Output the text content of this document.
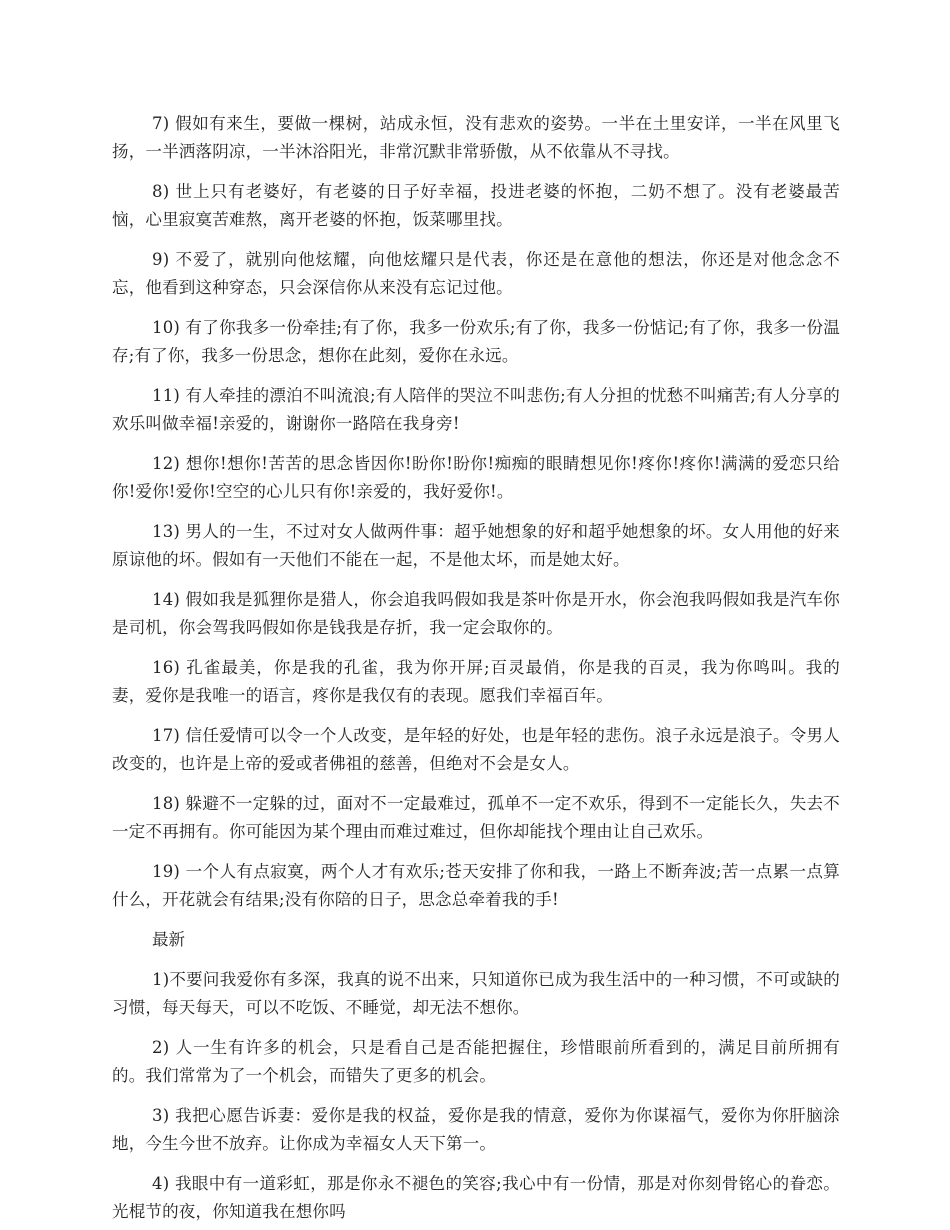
7) 假如有来生，要做一棵树，站成永恒，没有悲欢的姿势。一半在土里安详，一半在风里飞扬，一半洒落阴凉，一半沐浴阳光，非常沉默非常骄傲，从不依靠从不寻找。

8) 世上只有老婆好，有老婆的日子好幸福，投进老婆的怀抱，二奶不想了。没有老婆最苦恼，心里寂寞苦难熬，离开老婆的怀抱，饭菜哪里找。

9) 不爱了，就别向他炫耀，向他炫耀只是代表，你还是在意他的想法，你还是对他念念不忘，他看到这种穿态，只会深信你从来没有忘记过他。

10) 有了你我多一份牵挂;有了你，我多一份欢乐;有了你，我多一份惦记;有了你，我多一份温存;有了你，我多一份思念，想你在此刻，爱你在永远。

11) 有人牵挂的漂泊不叫流浪;有人陪伴的哭泣不叫悲伤;有人分担的忧愁不叫痛苦;有人分享的欢乐叫做幸福!亲爱的，谢谢你一路陪在我身旁!

12) 想你!想你!苦苦的思念皆因你!盼你!盼你!痴痴的眼睛想见你!疼你!疼你!满满的爱恋只给你!爱你!爱你!空空的心儿只有你!亲爱的，我好爱你!。

13) 男人的一生，不过对女人做两件事：超乎她想象的好和超乎她想象的坏。女人用他的好来原谅他的坏。假如有一天他们不能在一起，不是他太坏，而是她太好。

14) 假如我是狐狸你是猎人，你会追我吗假如我是茶叶你是开水，你会泡我吗假如我是汽车你是司机，你会驾我吗假如你是钱我是存折，我一定会取你的。

16) 孔雀最美，你是我的孔雀，我为你开屏;百灵最俏，你是我的百灵，我为你鸣叫。我的妻，爱你是我唯一的语言，疼你是我仅有的表现。愿我们幸福百年。

17) 信任爱情可以令一个人改变，是年轻的好处，也是年轻的悲伤。浪子永远是浪子。令男人改变的，也许是上帝的爱或者佛祖的慈善，但绝对不会是女人。

18) 躲避不一定躲的过，面对不一定最难过，孤单不一定不欢乐，得到不一定能长久，失去不一定不再拥有。你可能因为某个理由而难过难过，但你却能找个理由让自己欢乐。

19) 一个人有点寂寞，两个人才有欢乐;苍天安排了你和我，一路上不断奔波;苦一点累一点算什么，开花就会有结果;没有你陪的日子，思念总牵着我的手!

最新

1)不要问我爱你有多深，我真的说不出来，只知道你已成为我生活中的一种习惯，不可或缺的习惯，每天每天，可以不吃饭、不睡觉，却无法不想你。

2) 人一生有许多的机会，只是看自己是否能把握住，珍惜眼前所看到的，满足目前所拥有的。我们常常为了一个机会，而错失了更多的机会。

3) 我把心愿告诉妻：爱你是我的权益，爱你是我的情意，爱你为你谋福气，爱你为你肝脑涂地，今生今世不放弃。让你成为幸福女人天下第一。

4) 我眼中有一道彩虹，那是你永不褪色的笑容;我心中有一份情，那是对你刻骨铭心的眷恋。光棍节的夜，你知道我在想你吗
